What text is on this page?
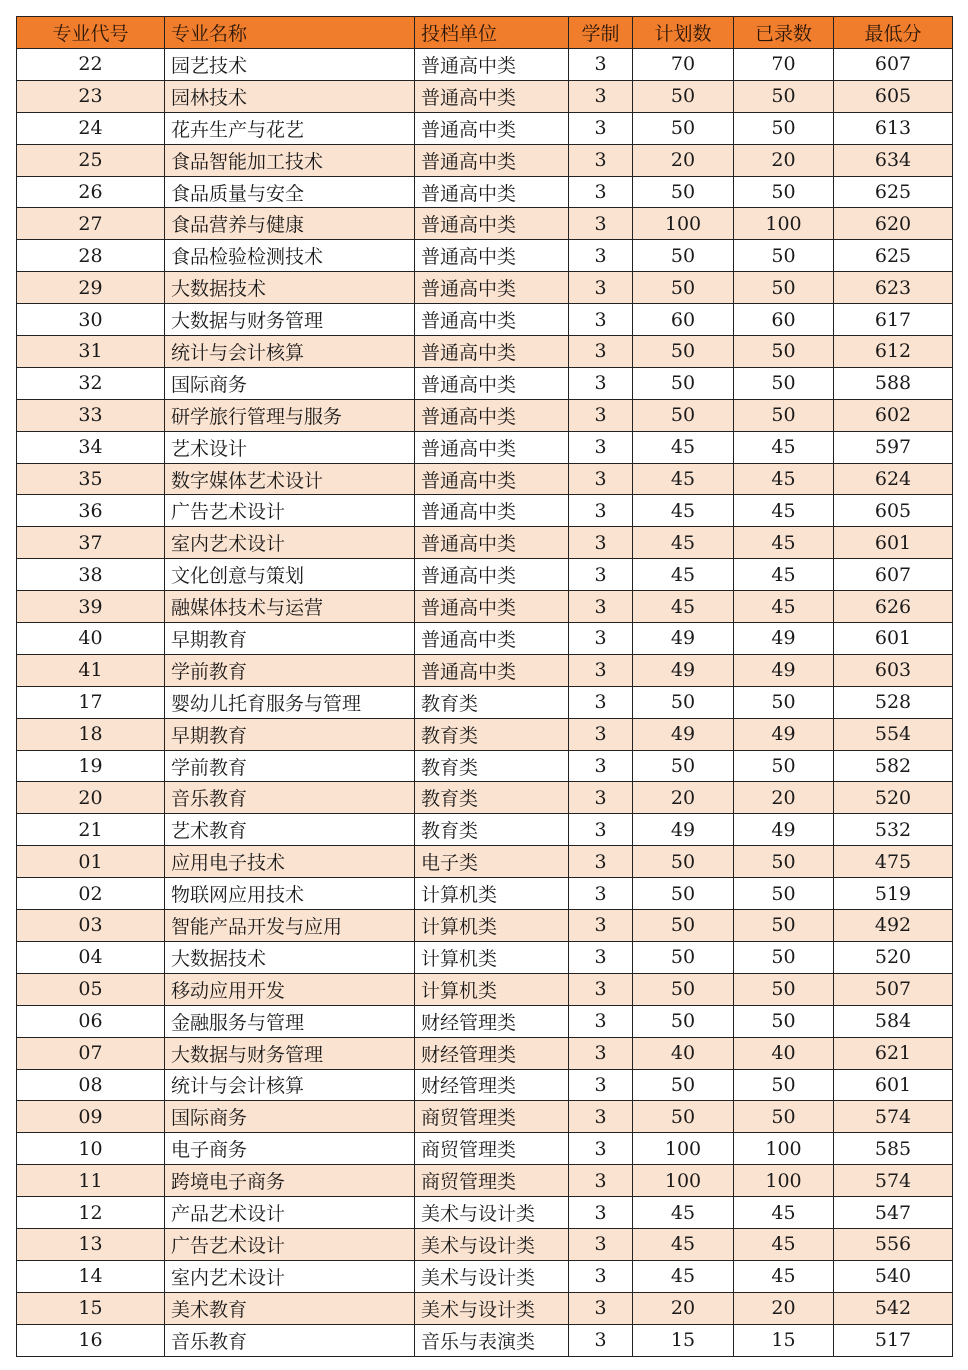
专业代号	专业名称	投档单位	学制	计划数	已录数	最低分
22	园艺技术	普通高中类	3	70	70	607
23	园林技术	普通高中类	3	50	50	605
24	花卉生产与花艺	普通高中类	3	50	50	613
25	食品智能加工技术	普通高中类	3	20	20	634
26	食品质量与安全	普通高中类	3	50	50	625
27	食品营养与健康	普通高中类	3	100	100	620
28	食品检验检测技术	普通高中类	3	50	50	625
29	大数据技术	普通高中类	3	50	50	623
30	大数据与财务管理	普通高中类	3	60	60	617
31	统计与会计核算	普通高中类	3	50	50	612
32	国际商务	普通高中类	3	50	50	588
33	研学旅行管理与服务	普通高中类	3	50	50	602
34	艺术设计	普通高中类	3	45	45	597
35	数字媒体艺术设计	普通高中类	3	45	45	624
36	广告艺术设计	普通高中类	3	45	45	605
37	室内艺术设计	普通高中类	3	45	45	601
38	文化创意与策划	普通高中类	3	45	45	607
39	融媒体技术与运营	普通高中类	3	45	45	626
40	早期教育	普通高中类	3	49	49	601
41	学前教育	普通高中类	3	49	49	603
17	婴幼儿托育服务与管理	教育类	3	50	50	528
18	早期教育	教育类	3	49	49	554
19	学前教育	教育类	3	50	50	582
20	音乐教育	教育类	3	20	20	520
21	艺术教育	教育类	3	49	49	532
01	应用电子技术	电子类	3	50	50	475
02	物联网应用技术	计算机类	3	50	50	519
03	智能产品开发与应用	计算机类	3	50	50	492
04	大数据技术	计算机类	3	50	50	520
05	移动应用开发	计算机类	3	50	50	507
06	金融服务与管理	财经管理类	3	50	50	584
07	大数据与财务管理	财经管理类	3	40	40	621
08	统计与会计核算	财经管理类	3	50	50	601
09	国际商务	商贸管理类	3	50	50	574
10	电子商务	商贸管理类	3	100	100	585
11	跨境电子商务	商贸管理类	3	100	100	574
12	产品艺术设计	美术与设计类	3	45	45	547
13	广告艺术设计	美术与设计类	3	45	45	556
14	室内艺术设计	美术与设计类	3	45	45	540
15	美术教育	美术与设计类	3	20	20	542
16	音乐教育	音乐与表演类	3	15	15	517
